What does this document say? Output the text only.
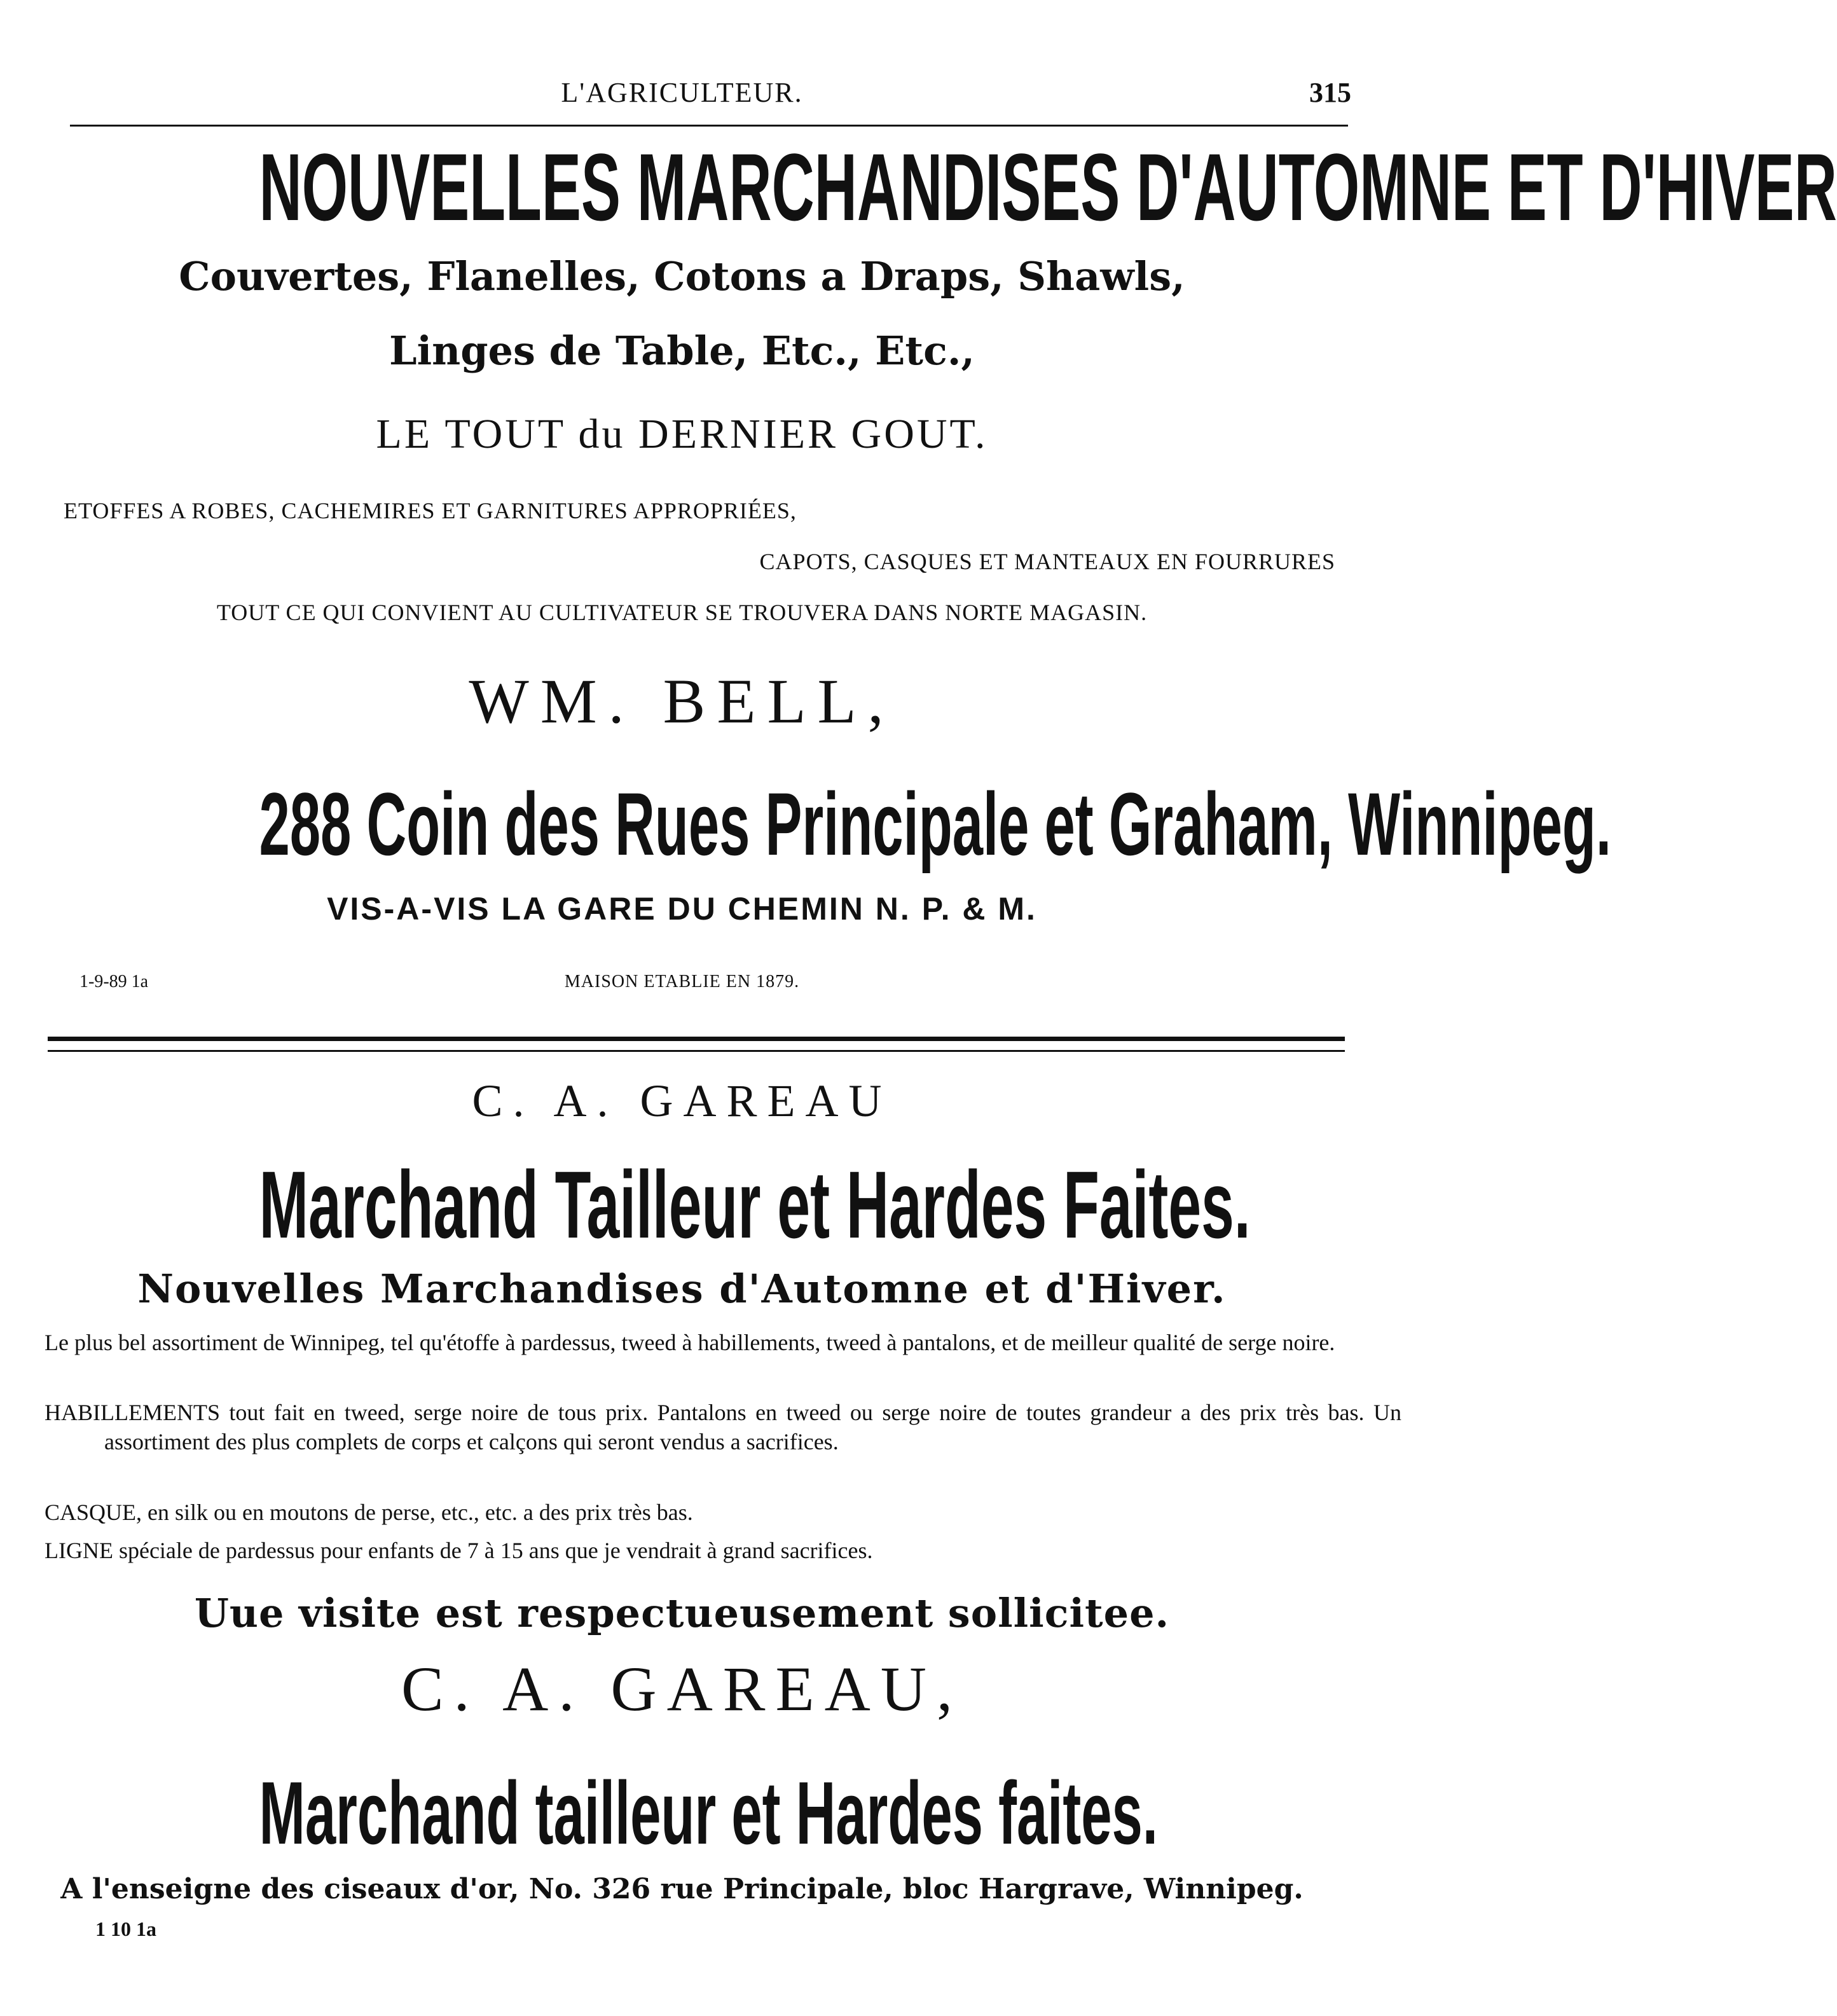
L'AGRICULTEUR.	315
NOUVELLES MARCHANDISES D'AUTOMNE ET D'HIVER
Couvertes, Flanelles, Cotons a Draps, Shawls,
Linges de Table, Etc., Etc.,
LE TOUT du DERNIER GOUT.
ETOFFES A ROBES, CACHEMIRES ET GARNITURES APPROPRIÉES,
CAPOTS, CASQUES ET MANTEAUX EN FOURRURES
TOUT CE QUI CONVIENT AU CULTIVATEUR SE TROUVERA DANS NORTE MAGASIN.
WM. BELL,
288 Coin des Rues Principale et Graham, Winnipeg.
VIS-A-VIS LA GARE DU CHEMIN N. P. & M.
1-9-89 1a	MAISON ETABLIE EN 1879.
C. A. GAREAU
Marchand Tailleur et Hardes Faites.
Nouvelles Marchandises d'Automne et d'Hiver.
Le plus bel assortiment de Winnipeg, tel qu'étoffe à pardessus, tweed à habillements, tweed à pantalons, et de meilleur qualité de serge noire.
HABILLEMENTS tout fait en tweed, serge noire de tous prix. Pantalons en tweed ou serge noire de toutes grandeur a des prix très bas. Un assortiment des plus complets de corps et calçons qui seront vendus a sacrifices.
CASQUE, en silk ou en moutons de perse, etc., etc. a des prix très bas.
LIGNE spéciale de pardessus pour enfants de 7 à 15 ans que je vendrait à grand sacrifices.
Uue visite est respectueusement sollicitee.
C. A. GAREAU,
Marchand tailleur et Hardes faites.
A l'enseigne des ciseaux d'or, No. 326 rue Principale, bloc Hargrave, Winnipeg.
1 10 1a
